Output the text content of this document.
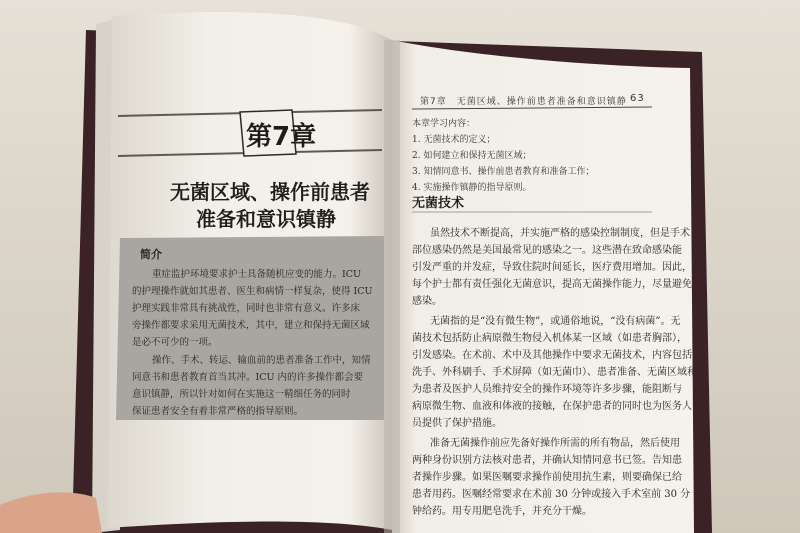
第7章　无菌区域、操作前患者准备和意识镇静 63
第7章
无菌区域、操作前患者
准备和意识镇静
简介
重症监护环境要求护士具备随机应变的能力。ICU
的护理操作就如其患者、医生和病情一样复杂，使得 ICU
护理实践非常具有挑战性，同时也非常有意义。许多床
旁操作都要求采用无菌技术，其中，建立和保持无菌区域
是必不可少的一项。
操作、手术、转运、输血前的患者准备工作中，知情
同意书和患者教育首当其冲。ICU 内的许多操作都会要
意识镇静，所以针对如何在实施这一精细任务的同时
保证患者安全有着非常严格的指导原则。
本章学习内容：
1. 无菌技术的定义；
2. 如何建立和保持无菌区域；
3. 知情同意书、操作前患者教育和准备工作；
4. 实施操作镇静的指导原则。
无菌技术
虽然技术不断提高，并实施严格的感染控制制度，但是手术
部位感染仍然是美国最常见的感染之一。这些潜在致命感染能
引发严重的并发症，导致住院时间延长，医疗费用增加。因此，
每个护士都有责任强化无菌意识，提高无菌操作能力，尽量避免
感染。
无菌指的是“没有微生物”，或通俗地说，“没有病菌”。无
菌技术包括防止病原微生物侵入机体某一区域（如患者胸部），
引发感染。在术前、术中及其他操作中要求无菌技术，内容包括
洗手、外科刷手、手术屏障（如无菌巾）、患者准备、无菌区域和
为患者及医护人员维持安全的操作环境等许多步骤，能阻断与
病原微生物、血液和体液的接触，在保护患者的同时也为医务人
员提供了保护措施。
准备无菌操作前应先备好操作所需的所有物品，然后使用
两种身份识别方法核对患者，并确认知情同意书已签。告知患
者操作步骤。如果医嘱要求操作前使用抗生素，则要确保已给
患者用药。医嘱经常要求在术前 30 分钟或接入手术室前 30 分
钟给药。用专用肥皂洗手，并充分干燥。
